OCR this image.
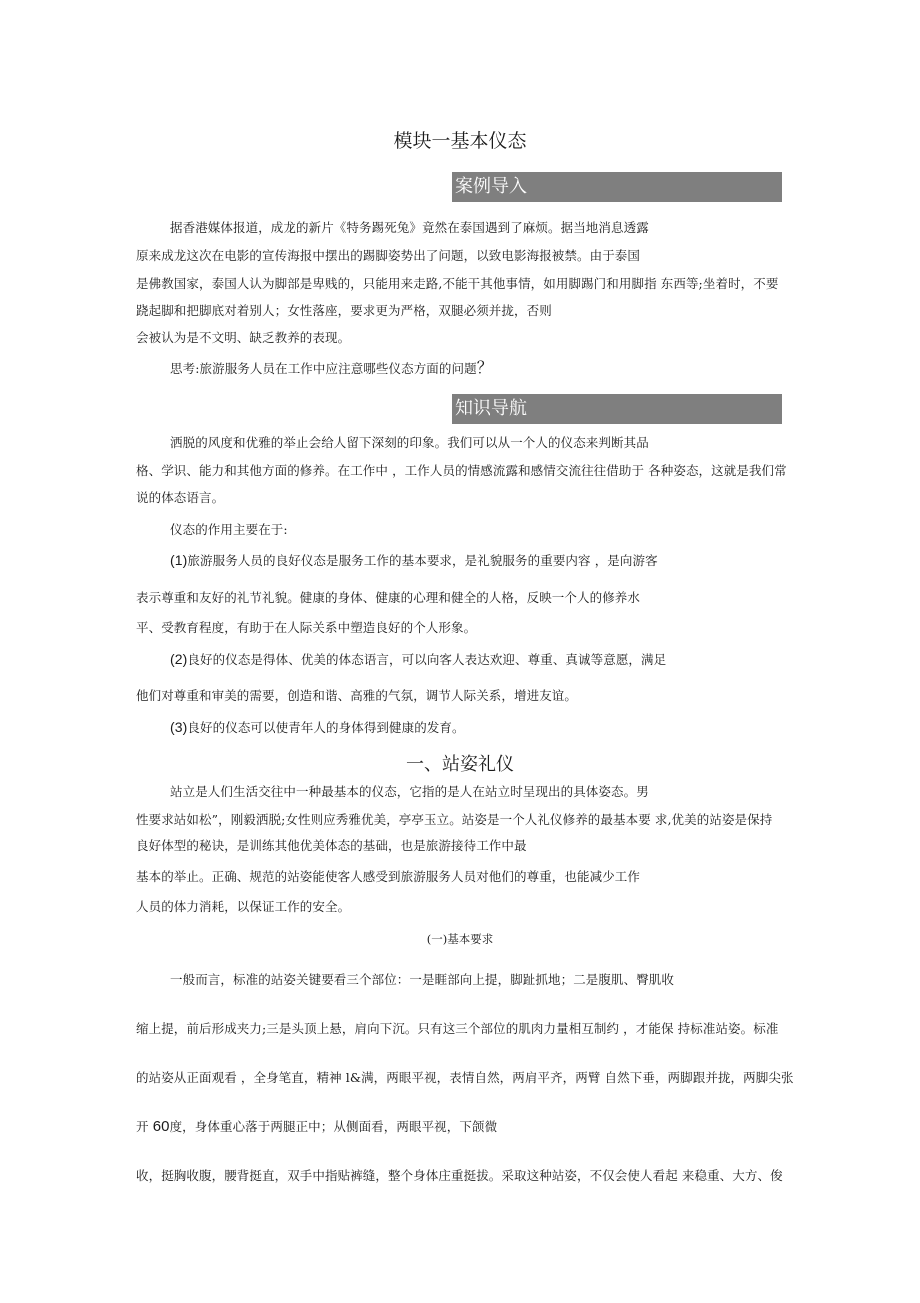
模块一基本仪态
案例导入
据香港媒体报道，成龙的新片《特务踢死兔》竟然在泰国遇到了麻烦。据当地消息透露
原来成龙这次在电影的宣传海报中摆出的踢脚姿势出了问题，以致电影海报被禁。由于泰国
是佛教国家，泰国人认为脚部是卑贱的，只能用来走路,不能干其他事情，如用脚踢门和用脚指 东西等;坐着时，不要
跷起脚和把脚底对着别人；女性落座，要求更为严格，双腿必须并拢，否则
会被认为是不文明、缺乏教养的表现。
思考:旅游服务人员在工作中应注意哪些仪态方面的问题？
知识导航
洒脱的风度和优雅的举止会给人留下深刻的印象。我们可以从一个人的仪态来判断其品
格、学识、能力和其他方面的修养。在工作中 ，工作人员的情感流露和感情交流往往借助于 各种姿态，这就是我们常
说的体态语言。
仪态的作用主要在于:
(1)旅游服务人员的良好仪态是服务工作的基本要求，是礼貌服务的重要内容 ，是向游客
表示尊重和友好的礼节礼貌。健康的身体、健康的心理和健全的人格，反映一个人的修养水
平、受教育程度，有助于在人际关系中塑造良好的个人形象。
(2)良好的仪态是得体、优美的体态语言，可以向客人表达欢迎、尊重、真诚等意愿，满足
他们对尊重和审美的需要，创造和谐、高雅的气氛，调节人际关系，增进友谊。
(3)良好的仪态可以使青年人的身体得到健康的发育。
一、站姿礼仪
站立是人们生活交往中一种最基本的仪态，它指的是人在站立时呈现出的具体姿态。男
性要求站如松”，刚毅洒脱;女性则应秀雅优美，亭亭玉立。站姿是一个人礼仪修养的最基本要 求,优美的站姿是保持
良好体型的秘诀，是训练其他优美体态的基础，也是旅游接待工作中最
基本的举止。正确、规范的站姿能使客人感受到旅游服务人员对他们的尊重，也能减少工作
人员的体力消耗，以保证工作的安全。
(一)基本要求
一般而言，标准的站姿关键要看三个部位：一是睚部向上提，脚趾抓地；二是腹肌、臀肌收
缩上提，前后形成夹力;三是头顶上悬，肩向下沉。只有这三个部位的肌肉力量相互制约 ，才能保 持标准站姿。标准
的站姿从正面观看 ，全身笔直，精神 l&满，两眼平视，表情自然，两肩平齐，两臂 自然下垂，两脚跟并拢，两脚尖张
开 60度，身体重心落于两腿正中；从侧面看，两眼平视，下颌微
收，挺胸收腹，腰背挺直，双手中指贴裤缝，整个身体庄重挺拔。采取这种站姿，不仅会使人看起 来稳重、大方、俊
